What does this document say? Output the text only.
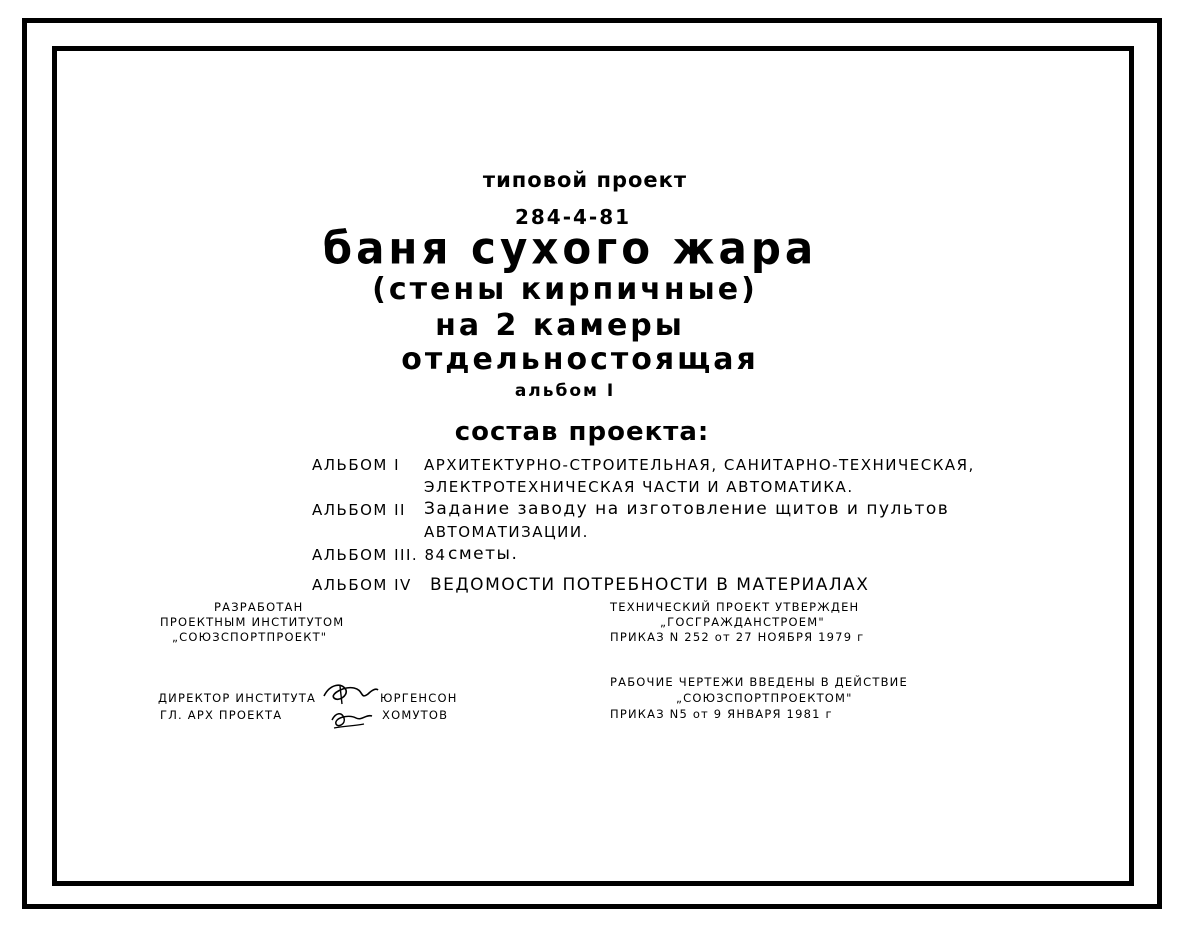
типовой проект
284-4-81
баня сухого жара
(стены кирпичные)
на 2 камеры
отдельностоящая
альбом I
состав проекта:
АЛЬБОМ I АРХИТЕКТУРНО-СТРОИТЕЛЬНАЯ, САНИТАРНО-ТЕХНИЧЕСКАЯ,
ЭЛЕКТРОТЕХНИЧЕСКАЯ ЧАСТИ И АВТОМАТИКА.
АЛЬБОМ II Задание заводу на изготовление щитов и пультов
АВТОМАТИЗАЦИИ.
АЛЬБОМ III. 84 сметы.
АЛЬБОМ IV ВЕДОМОСТИ ПОТРЕБНОСТИ В МАТЕРИАЛАХ
РАЗРАБОТАН
ПРОЕКТНЫМ ИНСТИТУТОМ
„СОЮЗСПОРТПРОЕКТ"
ТЕХНИЧЕСКИЙ ПРОЕКТ УТВЕРЖДЕН
„ГОСГРАЖДАНСТРОЕМ"
ПРИКАЗ N 252 от 27 НОЯБРЯ 1979 г
РАБОЧИЕ ЧЕРТЕЖИ ВВЕДЕНЫ В ДЕЙСТВИЕ
„СОЮЗСПОРТПРОЕКТОМ"
ПРИКАЗ N5 от 9 ЯНВАРЯ 1981 г
ДИРЕКТОР ИНСТИТУТА	ЮРГЕНСОН
ГЛ. АРХ ПРОЕКТА	ХОМУТОВ
